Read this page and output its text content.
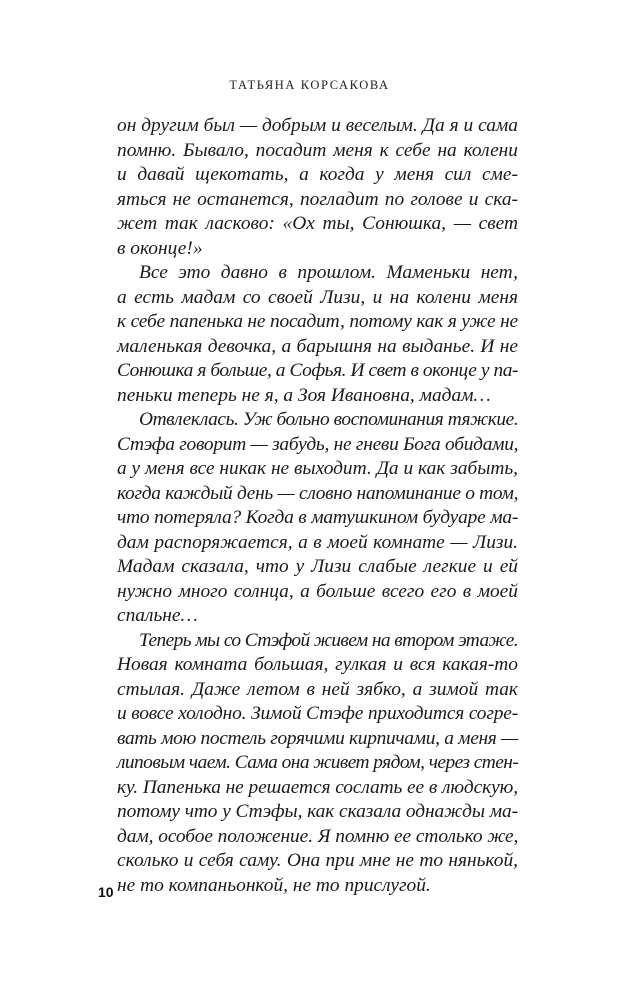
ТАТЬЯНА КОРСАКОВА
он другим был — добрым и веселым. Да я и сама
помню. Бывало, посадит меня к себе на колени
и давай щекотать, а когда у меня сил сме-
яться не останется, погладит по голове и ска-
жет так ласково: «Ох ты, Сонюшка, — свет
в оконце!»
Все это давно в прошлом. Маменьки нет,
а есть мадам со своей Лизи, и на колени меня
к себе папенька не посадит, потому как я уже не
маленькая девочка, а барышня на выданье. И не
Сонюшка я больше, а Софья. И свет в оконце у па-
пеньки теперь не я, а Зоя Ивановна, мадам…
Отвлеклась. Уж больно воспоминания тяжкие.
Стэфа говорит — забудь, не гневи Бога обидами,
а у меня все никак не выходит. Да и как забыть,
когда каждый день — словно напоминание о том,
что потеряла? Когда в матушкином будуаре ма-
дам распоряжается, а в моей комнате — Лизи.
Мадам сказала, что у Лизи слабые легкие и ей
нужно много солнца, а больше всего его в моей
спальне…
Теперь мы со Стэфой живем на втором этаже.
Новая комната большая, гулкая и вся какая-то
стылая. Даже летом в ней зябко, а зимой так
и вовсе холодно. Зимой Стэфе приходится согре-
вать мою постель горячими кирпичами, а меня —
липовым чаем. Сама она живет рядом, через стен-
ку. Папенька не решается сослать ее в людскую,
потому что у Стэфы, как сказала однажды ма-
дам, особое положение. Я помню ее столько же,
сколько и себя саму. Она при мне не то нянькой,
не то компаньонкой, не то прислугой.
10
